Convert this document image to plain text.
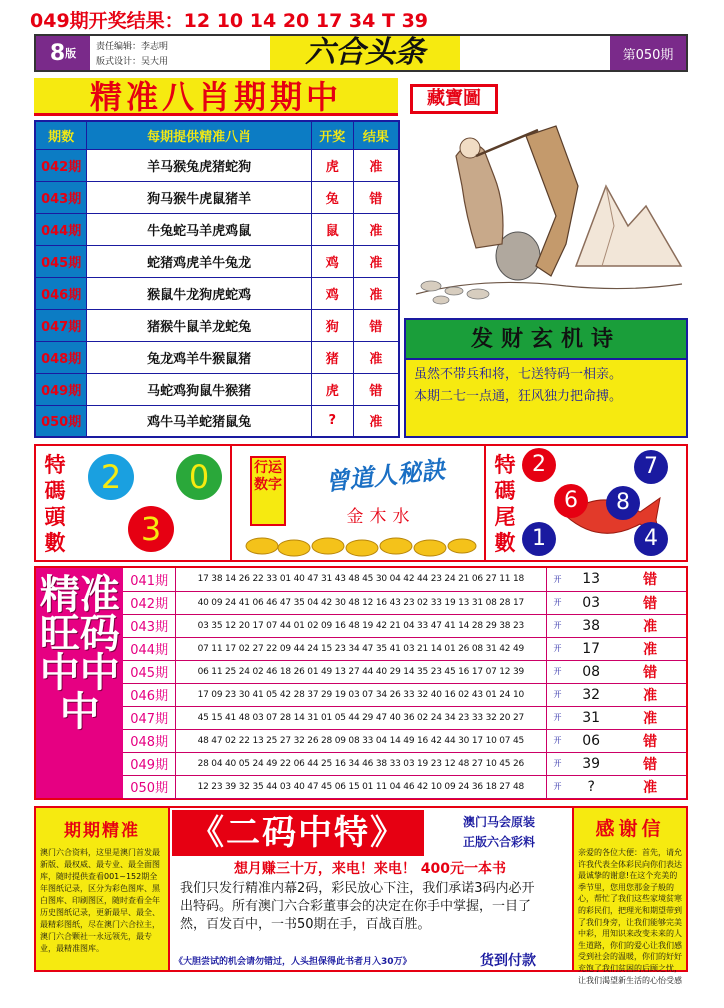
049期开奖结果：12 10 14 20 17 34 T 39
8 版 责任编辑：李志明
版式设计：吴大用	六合头条	第050期
精准八肖期期中	藏寶圖
期数	每期提供精准八肖	开奖	结果
042期	羊马猴兔虎猪蛇狗	虎	准
043期	狗马猴牛虎鼠猪羊	兔	错
044期	牛兔蛇马羊虎鸡鼠	鼠	准
045期	蛇猪鸡虎羊牛兔龙	鸡	准
046期	猴鼠牛龙狗虎蛇鸡	鸡	准
047期	猪猴牛鼠羊龙蛇兔	狗	错
048期	兔龙鸡羊牛猴鼠猪	猪	准
049期	马蛇鸡狗鼠牛猴猪	虎	错
050期	鸡牛马羊蛇猪鼠兔	?	准
发财玄机诗
虽然不带兵和将，七送特码一相亲。
本期二七一点通，狂风独力把命搏。
特碼頭數
2	0
3
行运数字	曾道人秘訣
金木水
特碼尾數
2	7
6	8
1	4
精准旺码中中中
041期	17 38 14 26 22 33 01 40 47 31 43 48 45 30 04 42 44 23 24 21 06 27 11 18	开	13	错
042期	40 09 24 41 06 46 47 35 04 42 30 48 12 16 43 23 02 33 19 13 31 08 28 17	开	03	错
043期	03 35 12 20 17 07 44 01 02 09 16 48 19 42 21 04 33 47 41 14 28 29 38 23	开	38	准
044期	07 11 17 02 27 22 09 44 24 15 23 34 47 35 41 03 21 14 01 26 08 31 42 49	开	17	准
045期	06 11 25 24 02 46 18 26 01 49 13 27 44 40 29 14 35 23 45 16 17 07 12 39	开	08	错
046期	17 09 23 30 41 05 42 28 37 29 19 03 07 34 26 33 32 40 16 02 43 01 24 10	开	32	准
047期	45 15 41 48 03 07 28 14 31 01 05 44 29 47 40 36 02 24 34 23 33 32 20 27	开	31	准
048期	48 47 02 22 13 25 27 32 26 28 09 08 33 04 14 49 16 42 44 30 17 10 07 45	开	06	错
049期	28 04 40 05 24 49 22 06 44 25 16 34 46 38 33 03 19 23 12 48 27 10 45 26	开	39	错
050期	12 23 39 32 35 44 03 40 47 45 06 15 01 11 04 46 42 10 09 24 36 18 27 48	开	?	准
期期精准
澳门六合资料，这里是澳门首发最新版、最权威、最专业、最全面图库，随时提供查看001~152期全年图纸记录，区分为彩色图库、黑白图库、印刷图区，随时查看全年历史图纸记录，更新最早、最全、最精彩图纸，尽在澳门六合拉主，澳门六合颗社一永远领先，最专业，最精准图库。
《二码中特》	澳门马会原装
正版六合彩料
想月赚三十万，来电！来电！ 400元一本书
我们只发行精准内幕2码，彩民放心下注，我们承诺3码内必开出特码。所有澳门六合彩董事会的决定在你手中掌握，一目了然，百发百中，一书50期在手，百战百胜。
《大胆尝试的机会请勿错过，人头担保得此书者月入30万》	货到付款
感谢信
亲爱的各位大便：首先，请允许我代表全体彩民向你们表达最诚挚的谢意!在这个充美的季节里，您用您那金子般的心，帮忙了我们这些家境贫寒的彩民们，把理光和期望带到了我们身旁，让我们能够完美中彩，用知识来改变未来的人生道路，你们的爱心让我们感受到社会的温暖，你们的好好充饱了我们贫困的后顾之忧，让我们渴望新生活的心怡受感
